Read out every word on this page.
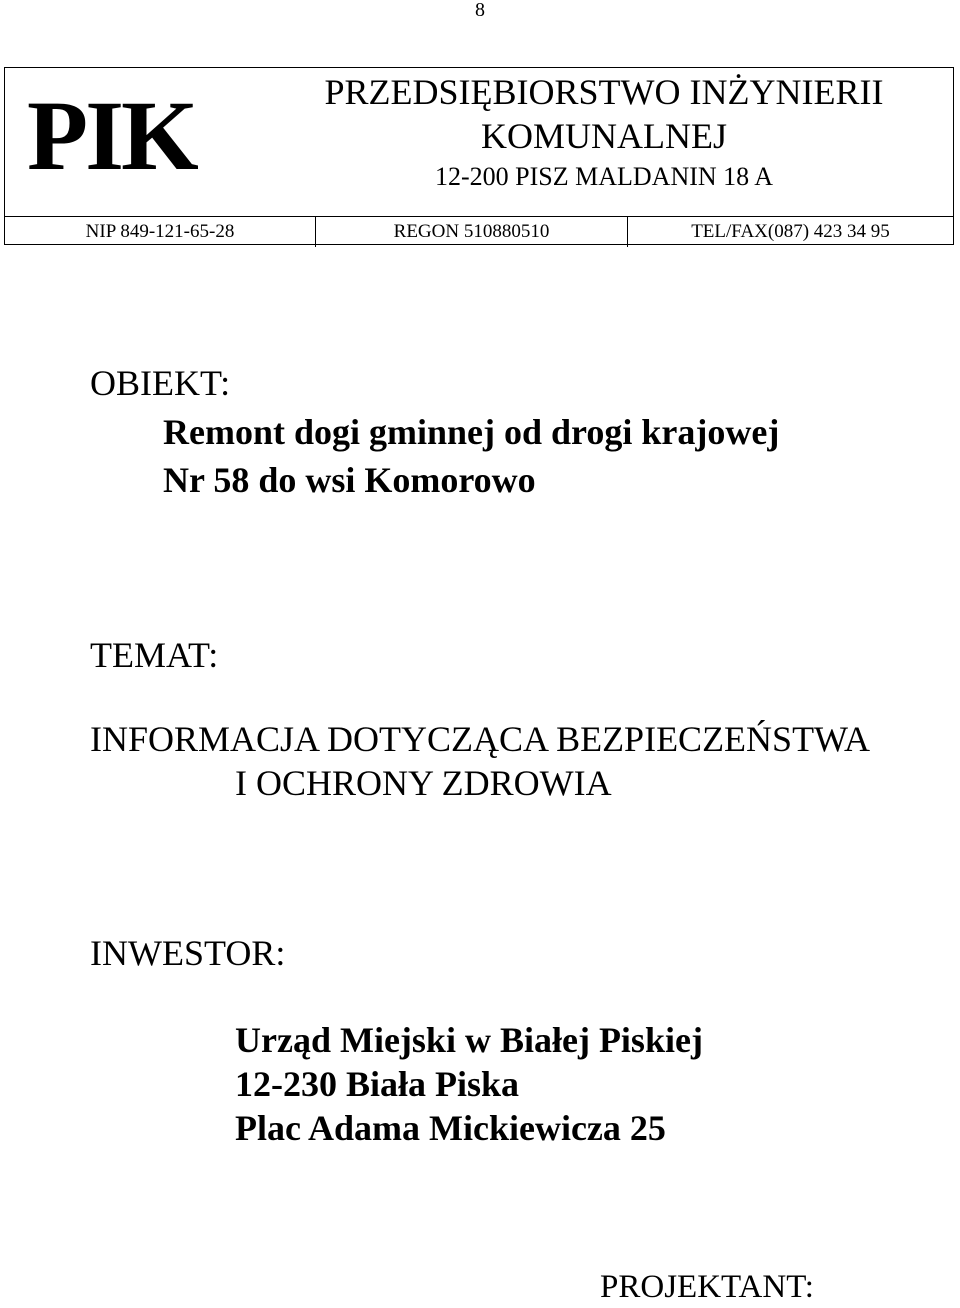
8
PIK	PRZEDSIĘBIORSTWO INŻYNIERII
KOMUNALNEJ
12-200 PISZ MALDANIN 18 A
NIP 849-121-65-28	REGON 510880510	TEL/FAX(087) 423 34 95
OBIEKT:
Remont dogi gminnej od drogi krajowej
Nr 58 do wsi Komorowo
TEMAT:
INFORMACJA DOTYCZĄCA BEZPIECZEŃSTWA
I OCHRONY ZDROWIA
INWESTOR:
Urząd Miejski w Białej Piskiej
12-230 Biała Piska
Plac Adama Mickiewicza 25
PROJEKTANT:
